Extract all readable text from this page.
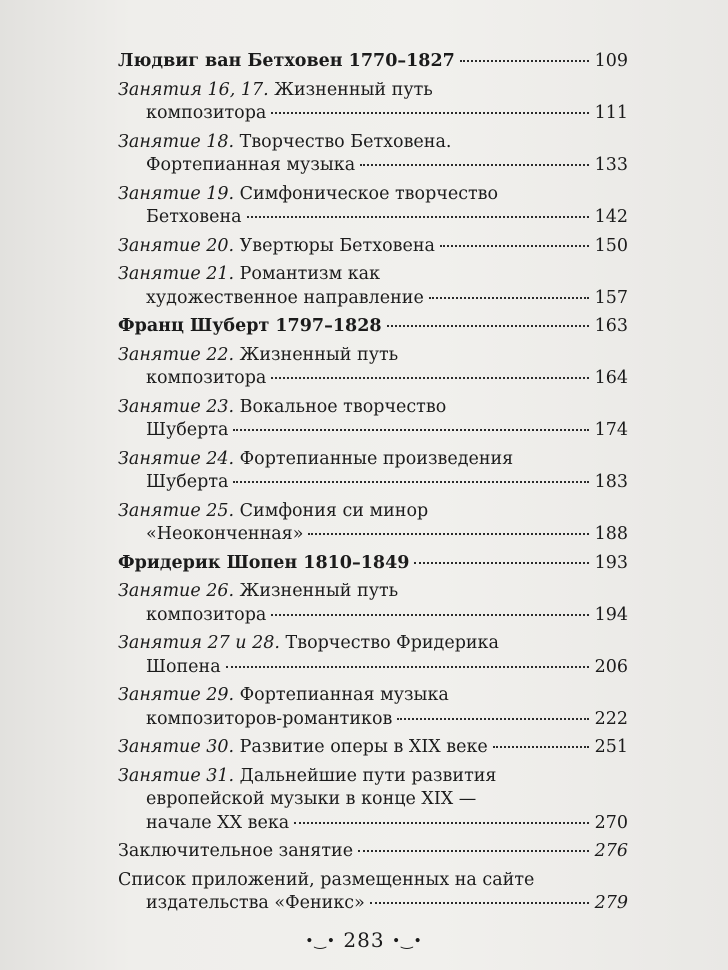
Людвиг ван Бетховен 1770–1827	109
Занятия 16, 17. Жизненный путь
композитора	111
Занятие 18. Творчество Бетховена.
Фортепианная музыка	133
Занятие 19. Симфоническое творчество
Бетховена	142
Занятие 20. Увертюры Бетховена	150
Занятие 21. Романтизм как
художественное направление	157
Франц Шуберт 1797–1828	163
Занятие 22. Жизненный путь
композитора	164
Занятие 23. Вокальное творчество
Шуберта	174
Занятие 24. Фортепианные произведения
Шуберта	183
Занятие 25. Симфония си минор
«Неоконченная»	188
Фридерик Шопен 1810–1849	193
Занятие 26. Жизненный путь
композитора	194
Занятия 27 и 28. Творчество Фридерика
Шопена	206
Занятие 29. Фортепианная музыка
композиторов-романтиков	222
Занятие 30. Развитие оперы в XIX веке	251
Занятие 31. Дальнейшие пути развития
европейской музыки в конце XIX —
начале XX века	270
Заключительное занятие	276
Список приложений, размещенных на сайте
издательства «Феникс»	279
•‿• 283 •‿•
